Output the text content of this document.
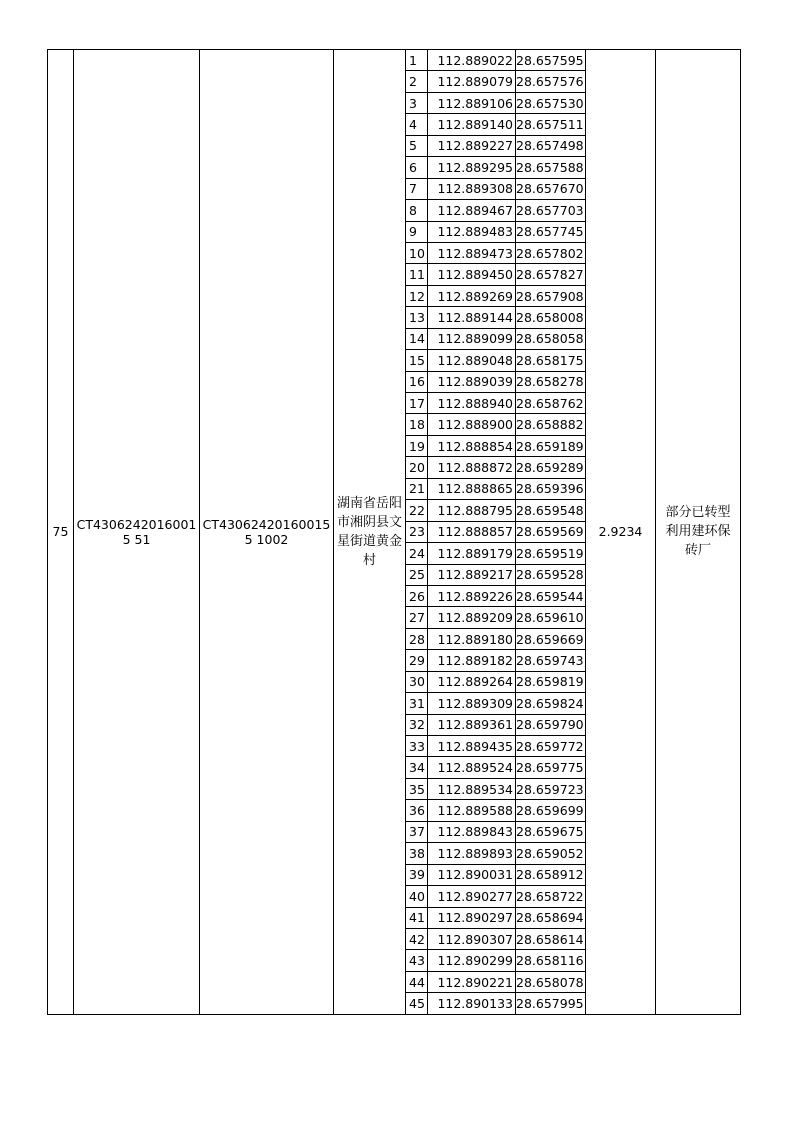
75	CT43062420160015 51	CT430624201600155 1002	湖南省岳阳市湘阴县文星街道黄金村	1	112.889022	28.657595	2.9234	部分已转型利用建环保砖厂
				2	112.889079	28.657576		
				3	112.889106	28.657530		
				4	112.889140	28.657511		
				5	112.889227	28.657498		
				6	112.889295	28.657588		
				7	112.889308	28.657670		
				8	112.889467	28.657703		
				9	112.889483	28.657745		
				10	112.889473	28.657802		
				11	112.889450	28.657827		
				12	112.889269	28.657908		
				13	112.889144	28.658008		
				14	112.889099	28.658058		
				15	112.889048	28.658175		
				16	112.889039	28.658278		
				17	112.888940	28.658762		
				18	112.888900	28.658882		
				19	112.888854	28.659189		
				20	112.888872	28.659289		
				21	112.888865	28.659396		
				22	112.888795	28.659548		
				23	112.888857	28.659569		
				24	112.889179	28.659519		
				25	112.889217	28.659528		
				26	112.889226	28.659544		
				27	112.889209	28.659610		
				28	112.889180	28.659669		
				29	112.889182	28.659743		
				30	112.889264	28.659819		
				31	112.889309	28.659824		
				32	112.889361	28.659790		
				33	112.889435	28.659772		
				34	112.889524	28.659775		
				35	112.889534	28.659723		
				36	112.889588	28.659699		
				37	112.889843	28.659675		
				38	112.889893	28.659052		
				39	112.890031	28.658912		
				40	112.890277	28.658722		
				41	112.890297	28.658694		
				42	112.890307	28.658614		
				43	112.890299	28.658116		
				44	112.890221	28.658078		
				45	112.890133	28.657995		
